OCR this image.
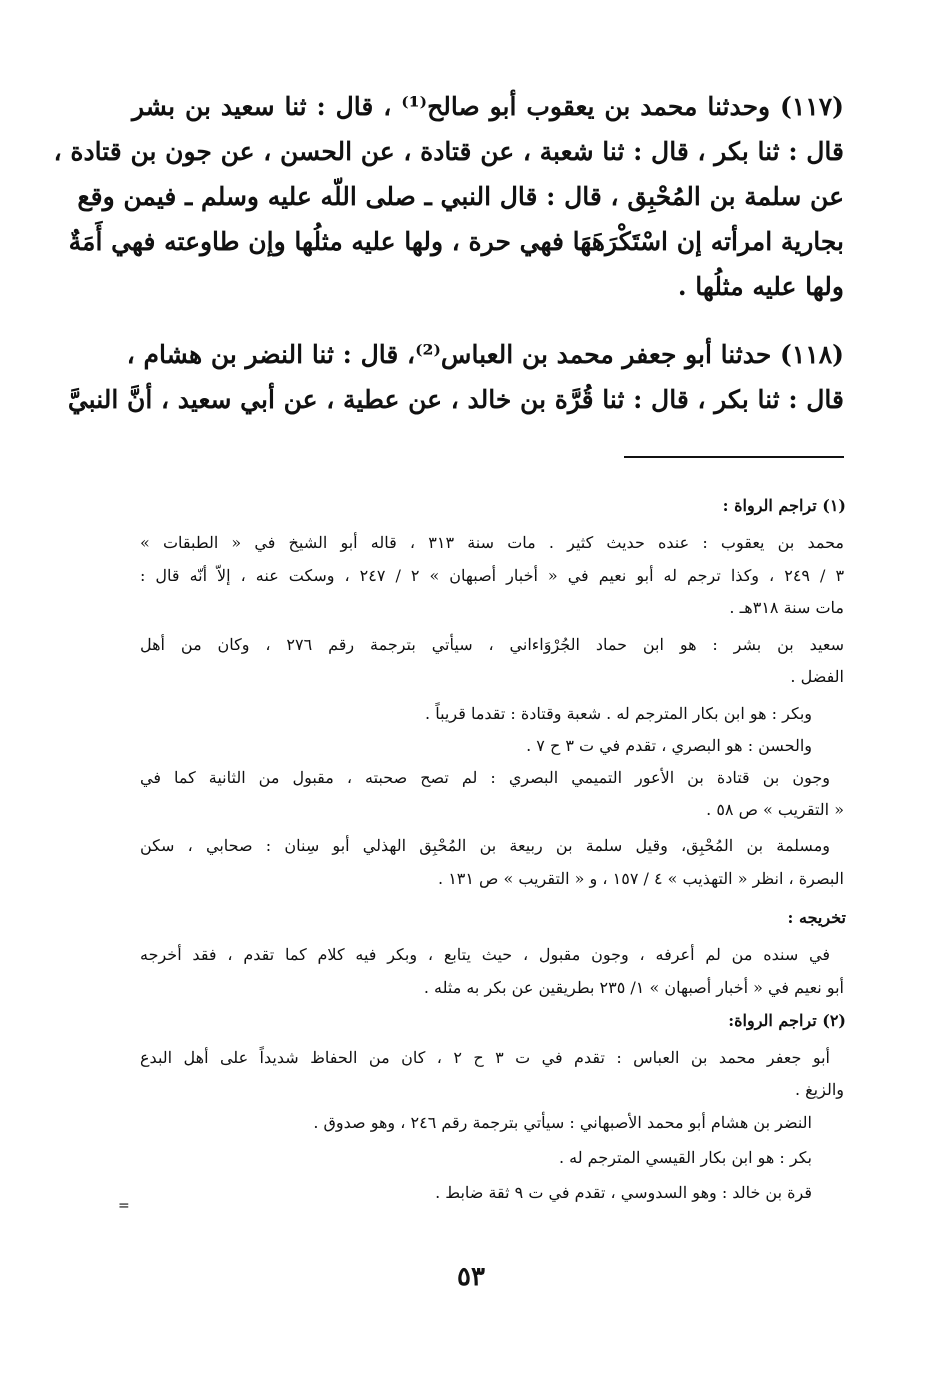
(١١٧) وحدثنا محمد بن يعقوب أبو صالح⁽¹⁾ ، قال : ثنا سعيد بن بشر
قال : ثنا بكر ، قال : ثنا شعبة ، عن قتادة ، عن الحسن ، عن جون بن قتادة ،
عن سلمة بن المُحْبِق ، قال : قال النبي ـ صلى اللّه عليه وسلم ـ فيمن وقع
بجارية امرأته إن اسْتَكْرَهَهَا فهي حرة ، ولها عليه مثلُها وإن طاوعته فهي أَمَةٌ
ولها عليه مثلُها .
(١١٨) حدثنا أبو جعفر محمد بن العباس⁽²⁾، قال : ثنا النضر بن هشام ،
قال : ثنا بكر ، قال : ثنا قُرَّة بن خالد ، عن عطية ، عن أبي سعيد ، أنَّ النبيَّ
(١) تراجم الرواة :
محمد بن يعقوب : عنده حديث كثير . مات سنة ٣١٣ ، قاله أبو الشيخ في « الطبقات »
٣ / ٢٤٩ ، وكذا ترجم له أبو نعيم في « أخبار أصبهان » ٢ / ٢٤٧ ، وسكت عنه ، إلاّ أنّه قال :
مات سنة ٣١٨هـ .
سعيد بن بشر : هو ابن حماد الجُرْوَاءاني ، سيأتي بترجمة رقم ٢٧٦ ، وكان من أهل
الفضل .
وبكر : هو ابن بكار المترجم له . شعبة وقتادة : تقدما قريباً .
والحسن : هو البصري ، تقدم في ت ٣ ح ٧ .
وجون بن قتادة بن الأعور التميمي البصري : لم تصح صحبته ، مقبول من الثانية كما في
« التقريب » ص ٥٨ .
ومسلمة بن المُحْبِق، وقيل سلمة بن ربيعة بن المُحْبِق الهذلي أبو سِنان : صحابي ، سكن
البصرة ، انظر « التهذيب » ٤ / ١٥٧ ، و « التقريب » ص ١٣١ .
تخريجه :
في سنده من لم أعرفه ، وجون مقبول ، حيث يتابع ، وبكر فيه كلام كما تقدم ، فقد أخرجه
أبو نعيم في « أخبار أصبهان » ١/ ٢٣٥ بطريقين عن بكر به مثله .
(٢) تراجم الرواة:
أبو جعفر محمد بن العباس : تقدم في ت ٣ ح ٢ ، كان من الحفاظ شديداً على أهل البدع
والزيغ .
النضر بن هشام أبو محمد الأصبهاني : سيأتي بترجمة رقم ٢٤٦ ، وهو صدوق .
بكر : هو ابن بكار القيسي المترجم له .
قرة بن خالد : وهو السدوسي ، تقدم في ت ٩ ثقة ضابط .
=
٥٣
